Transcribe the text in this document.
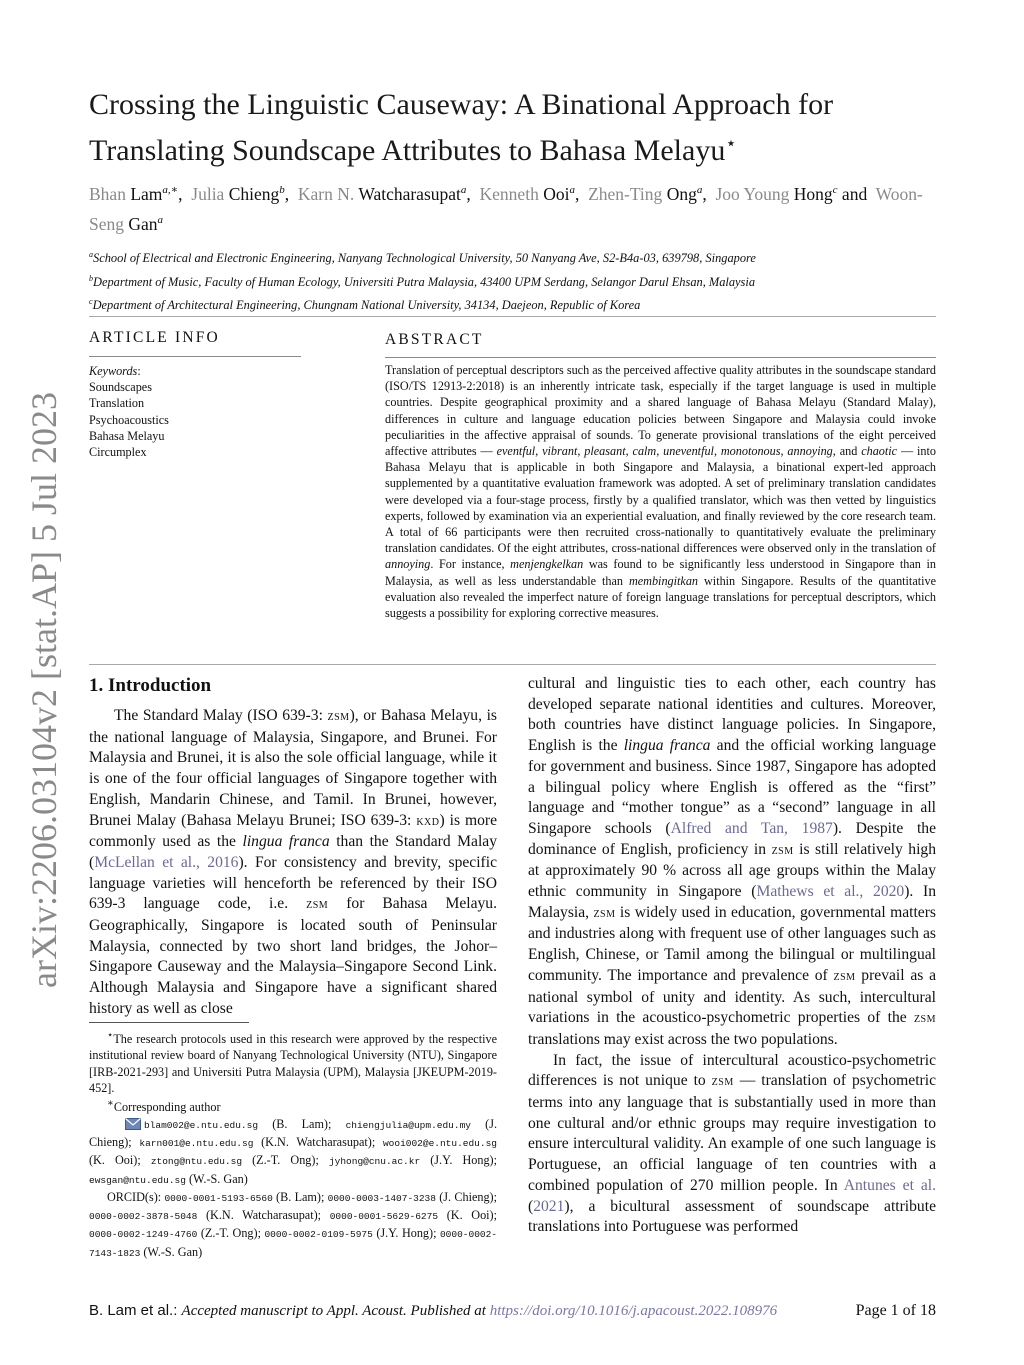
arXiv:2206.03104v2 [stat.AP] 5 Jul 2023
Crossing the Linguistic Causeway: A Binational Approach for
Translating Soundscape Attributes to Bahasa Melayu⋆
Bhan Lam$^{a,∗}$, Julia Chieng$^b$, Karn N. Watcharasupat$^a$, Kenneth Ooi$^a$, Zhen-Ting Ong$^a$, Joo Young Hong$^c$ and Woon-Seng Gan$^a$
$^a$School of Electrical and Electronic Engineering, Nanyang Technological University, 50 Nanyang Ave, S2-B4a-03, 639798, Singapore
$^b$Department of Music, Faculty of Human Ecology, Universiti Putra Malaysia, 43400 UPM Serdang, Selangor Darul Ehsan, Malaysia
$^c$Department of Architectural Engineering, Chungnam National University, 34134, Daejeon, Republic of Korea
ARTICLE INFO
Keywords:
Soundscapes
Translation
Psychoacoustics
Bahasa Melayu
Circumplex
ABSTRACT

Translation of perceptual descriptors such as the perceived affective quality attributes in the soundscape standard (ISO/TS 12913-2:2018) is an inherently intricate task, especially if the target language is used in multiple countries. Despite geographical proximity and a shared language of Bahasa Melayu (Standard Malay), differences in culture and language education policies between Singapore and Malaysia could invoke peculiarities in the affective appraisal of sounds. To generate provisional translations of the eight perceived affective attributes — eventful, vibrant, pleasant, calm, uneventful, monotonous, annoying, and chaotic — into Bahasa Melayu that is applicable in both Singapore and Malaysia, a binational expert-led approach supplemented by a quantitative evaluation framework was adopted. A set of preliminary translation candidates were developed via a four-stage process, firstly by a qualified translator, which was then vetted by linguistics experts, followed by examination via an experiential evaluation, and finally reviewed by the core research team. A total of 66 participants were then recruited cross-nationally to quantitatively evaluate the preliminary translation candidates. Of the eight attributes, cross-national differences were observed only in the translation of annoying. For instance, menjengkelkan was found to be significantly less understood in Singapore than in Malaysia, as well as less understandable than membingitkan within Singapore. Results of the quantitative evaluation also revealed the imperfect nature of foreign language translations for perceptual descriptors, which suggests a possibility for exploring corrective measures.

1. Introduction

The Standard Malay (ISO 639-3: zsm), or Bahasa Melayu, is the national language of Malaysia, Singapore, and Brunei. For Malaysia and Brunei, it is also the sole official language, while it is one of the four official languages of Singapore together with English, Mandarin Chinese, and Tamil. In Brunei, however, Brunei Malay (Bahasa Melayu Brunei; ISO 639-3: kxd) is more commonly used as the lingua franca than the Standard Malay (McLellan et al., 2016). For consistency and brevity, specific language varieties will henceforth be referenced by their ISO 639-3 language code, i.e. zsm for Bahasa Melayu. Geographically, Singapore is located south of Peninsular Malaysia, connected by two short land bridges, the Johor–Singapore Causeway and the Malaysia–Singapore Second Link. Although Malaysia and Singapore have a significant shared history as well as close

cultural and linguistic ties to each other, each country has developed separate national identities and cultures. Moreover, both countries have distinct language policies. In Singapore, English is the lingua franca and the official working language for government and business. Since 1987, Singapore has adopted a bilingual policy where English is offered as the “first” language and “mother tongue” as a “second” language in all Singapore schools (Alfred and Tan, 1987). Despite the dominance of English, proficiency in zsm is still relatively high at approximately 90 % across all age groups within the Malay ethnic community in Singapore (Mathews et al., 2020). In Malaysia, zsm is widely used in education, governmental matters and industries along with frequent use of other languages such as English, Chinese, or Tamil among the bilingual or multilingual community. The importance and prevalence of zsm prevail as a national symbol of unity and identity. As such, intercultural variations in the acoustico-psychometric properties of the zsm translations may exist across the two populations.

In fact, the issue of intercultural acoustico-psychometric differences is not unique to zsm — translation of psychometric terms into any language that is substantially used in more than one cultural and/or ethnic groups may require investigation to ensure intercultural validity. An example of one such language is Portuguese, an official language of ten countries with a combined population of 270 million people. In Antunes et al. (2021), a bicultural assessment of soundscape attribute translations into Portuguese was performed

⋆The research protocols used in this research were approved by the respective institutional review board of Nanyang Technological University (NTU), Singapore [IRB-2021-293] and Universiti Putra Malaysia (UPM), Malaysia [JKEUPM-2019-452].

∗Corresponding author

blam002@e.ntu.edu.sg (B. Lam); chiengjulia@upm.edu.my (J. Chieng); karn001@e.ntu.edu.sg (K.N. Watcharasupat); wooi002@e.ntu.edu.sg (K. Ooi); ztong@ntu.edu.sg (Z.-T. Ong); jyhong@cnu.ac.kr (J.Y. Hong); ewsgan@ntu.edu.sg (W.-S. Gan)

ORCID(s): 0000-0001-5193-6560 (B. Lam); 0000-0003-1407-3238 (J. Chieng); 0000-0002-3878-5048 (K.N. Watcharasupat); 0000-0001-5629-6275 (K. Ooi); 0000-0002-1249-4760 (Z.-T. Ong); 0000-0002-0109-5975 (J.Y. Hong); 0000-0002-7143-1823 (W.-S. Gan)

B. Lam et al.: Accepted manuscript to Appl. Acoust. Published at https://doi.org/10.1016/j.apacoust.2022.108976	Page 1 of 18
